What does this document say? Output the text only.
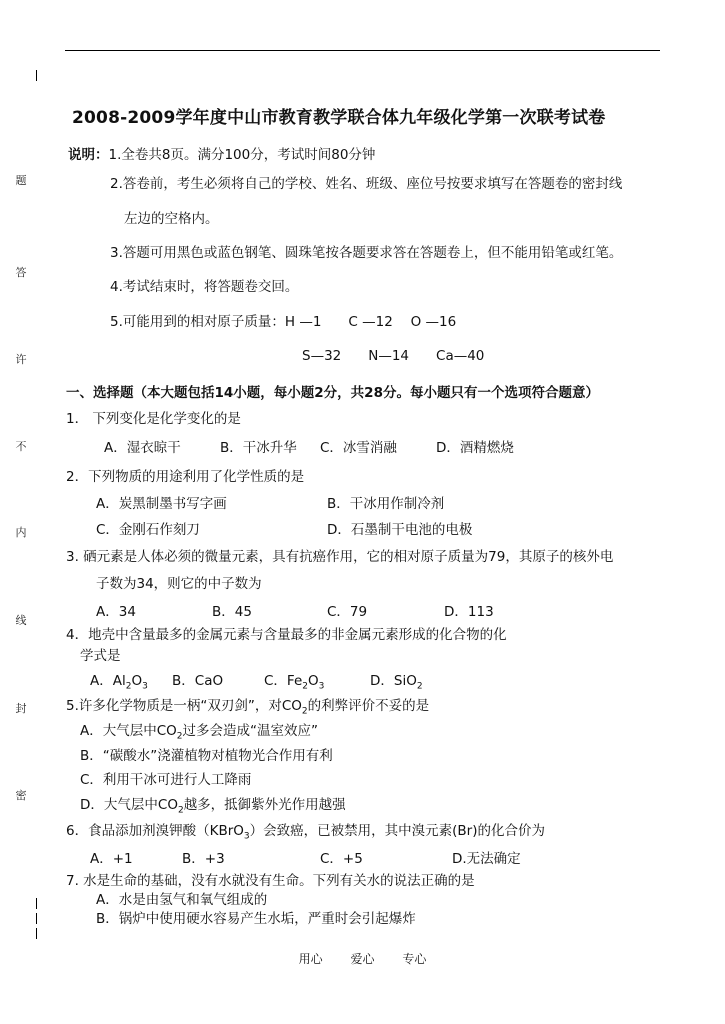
题
答
许
不
内
线
封
密
2008-2009学年度中山市教育教学联合体九年级化学第一次联考试卷
说明：1.全卷共8页。满分100分，考试时间80分钟
2.答卷前，考生必须将自己的学校、姓名、班级、座位号按要求填写在答题卷的密封线
左边的空格内。
3.答题可用黑色或蓝色钢笔、圆珠笔按各题要求答在答题卷上，但不能用铅笔或红笔。
4.考试结束时，将答题卷交回。
5.可能用到的相对原子质量：H —1　　C —12　 O —16
S—32　　N—14　　Ca—40
一、选择题（本大题包括14小题，每小题2分，共28分。每小题只有一个选项符合题意）
1． 下列变化是化学变化的是
A．湿衣晾干	B．干冰升华 C．冰雪消融	D．酒精燃烧
2．下列物质的用途利用了化学性质的是
A．炭黑制墨书写字画	B．干冰用作制冷剂
C．金刚石作刻刀	D．石墨制干电池的电极
3. 硒元素是人体必须的微量元素，具有抗癌作用，它的相对原子质量为79，其原子的核外电
子数为34，则它的中子数为
A．34	B．45	C．79	D．113
4．地壳中含量最多的金属元素与含量最多的非金属元素形成的化合物的化
学式是
A．$Al_2O_3$ B．CaO	C．$Fe_2O_3$	D．SiO$_2$
5.许多化学物质是一柄“双刃剑”，对$CO_2$的利弊评价不妥的是
A．大气层中$CO_2$过多会造成“温室效应”
B．“碳酸水”浇灌植物对植物光合作用有利
C．利用干冰可进行人工降雨
D．大气层中$CO_2$越多，抵御紫外光作用越强
6．食品添加剂溴钾酸（KBrO$_3$）会致癌，已被禁用，其中溴元素(Br)的化合价为
A．+1	B．+3	C．+5	D.无法确定
7. 水是生命的基础，没有水就没有生命。下列有关水的说法正确的是
A．水是由氢气和氧气组成的
B．锅炉中使用硬水容易产生水垢，严重时会引起爆炸
用心 爱心 专心
